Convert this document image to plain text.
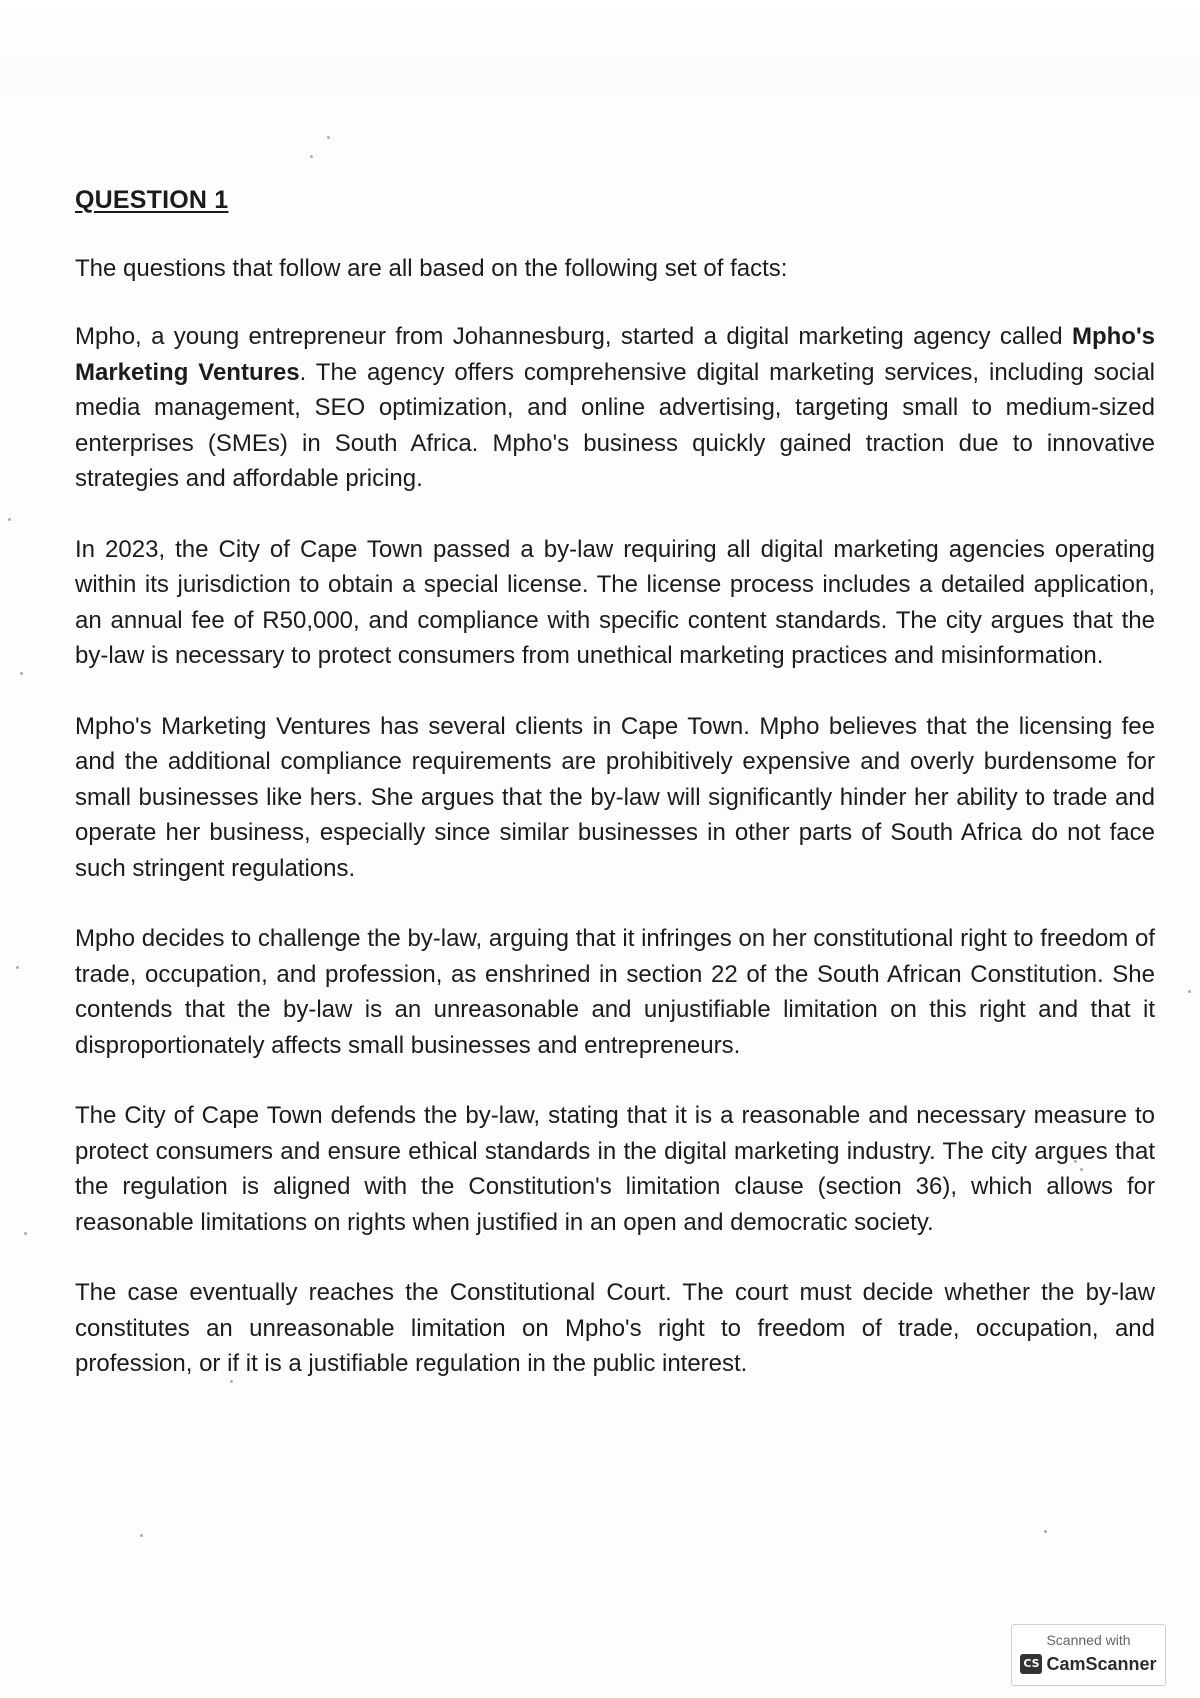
QUESTION 1
The questions that follow are all based on the following set of facts:

Mpho, a young entrepreneur from Johannesburg, started a digital marketing agency called Mpho's Marketing Ventures. The agency offers comprehensive digital marketing services, including social media management, SEO optimization, and online advertising, targeting small to medium-sized enterprises (SMEs) in South Africa. Mpho's business quickly gained traction due to innovative strategies and affordable pricing.

In 2023, the City of Cape Town passed a by-law requiring all digital marketing agencies operating within its jurisdiction to obtain a special license. The license process includes a detailed application, an annual fee of R50,000, and compliance with specific content standards. The city argues that the by-law is necessary to protect consumers from unethical marketing practices and misinformation.

Mpho's Marketing Ventures has several clients in Cape Town. Mpho believes that the licensing fee and the additional compliance requirements are prohibitively expensive and overly burdensome for small businesses like hers. She argues that the by-law will significantly hinder her ability to trade and operate her business, especially since similar businesses in other parts of South Africa do not face such stringent regulations.

Mpho decides to challenge the by-law, arguing that it infringes on her constitutional right to freedom of trade, occupation, and profession, as enshrined in section 22 of the South African Constitution. She contends that the by-law is an unreasonable and unjustifiable limitation on this right and that it disproportionately affects small businesses and entrepreneurs.

The City of Cape Town defends the by-law, stating that it is a reasonable and necessary measure to protect consumers and ensure ethical standards in the digital marketing industry. The city argues that the regulation is aligned with the Constitution's limitation clause (section 36), which allows for reasonable limitations on rights when justified in an open and democratic society.

The case eventually reaches the Constitutional Court. The court must decide whether the by-law constitutes an unreasonable limitation on Mpho's right to freedom of trade, occupation, and profession, or if it is a justifiable regulation in the public interest.

Scanned with
CS CamScanner
